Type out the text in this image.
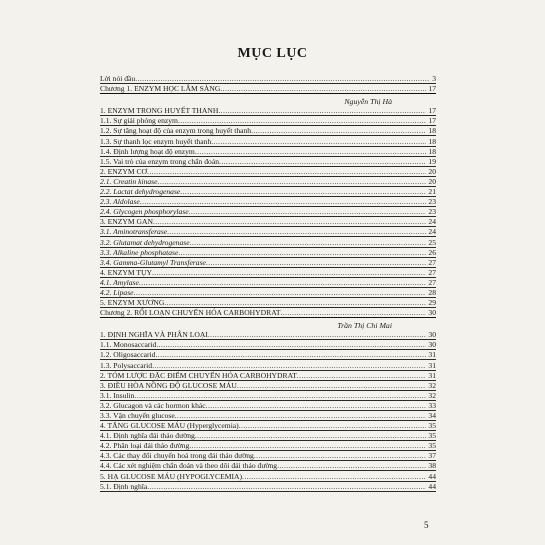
MỤC LỤC
Lời nói đầu .....	3
Chương 1. ENZYM HỌC LÂM SÀNG .....	17
Nguyễn Thị Hà
1. ENZYM TRONG HUYẾT THANH .....	17
1.1. Sự giải phóng enzym .....	17
1.2. Sự tăng hoạt độ của enzym trong huyết thanh .....	18
1.3. Sự thanh lọc enzym huyết thanh .....	18
1.4. Định lượng hoạt độ enzym .....	18
1.5. Vai trò của enzym trong chẩn đoán .....	19
2. ENZYM CƠ .....	20
2.1. Creatin kinase .....	20
2.2. Lactat dehydrogenase .....	21
2.3. Aldolase .....	23
2.4. Glycogen phosphorylase .....	23
3. ENZYM GAN .....	24
3.1. Aminotransferase .....	24
3.2. Glutamat dehydrogenase .....	25
3.3. Alkaline phosphatase .....	26
3.4. Gamma-Glutamyl Transferase .....	27
4. ENZYM TỤY .....	27
4.1. Amylase .....	27
4.2. Lipase .....	28
5. ENZYM XƯƠNG .....	29
Chương 2. RỐI LOẠN CHUYỂN HÓA CARBOHYDRAT .....	30
Trần Thị Chi Mai
1. ĐỊNH NGHĨA VÀ PHÂN LOẠI .....	30
1.1. Monosaccarid .....	30
1.2. Oligosaccarid .....	31
1.3. Polysaccarid .....	31
2. TÓM LƯỢC ĐẶC ĐIỂM CHUYỂN HÓA CARBOHYDRAT .....	31
3. ĐIỀU HÒA NỒNG ĐỘ GLUCOSE MÁU .....	32
3.1. Insulin .....	32
3.2. Glucagon và các hormon khác .....	33
3.3. Vận chuyển glucose .....	34
4. TĂNG GLUCOSE MÁU (Hyperglycemia) .....	35
4.1. Định nghĩa đái tháo đường .....	35
4.2. Phân loại đái tháo đường .....	35
4.3. Các thay đổi chuyển hoá trong đái tháo đường .....	37
4.4. Các xét nghiệm chẩn đoán và theo dõi đái tháo đường .....	38
5. HẠ GLUCOSE MÁU (HYPOGLYCEMIA) .....	44
5.1. Định nghĩa .....	44
5
